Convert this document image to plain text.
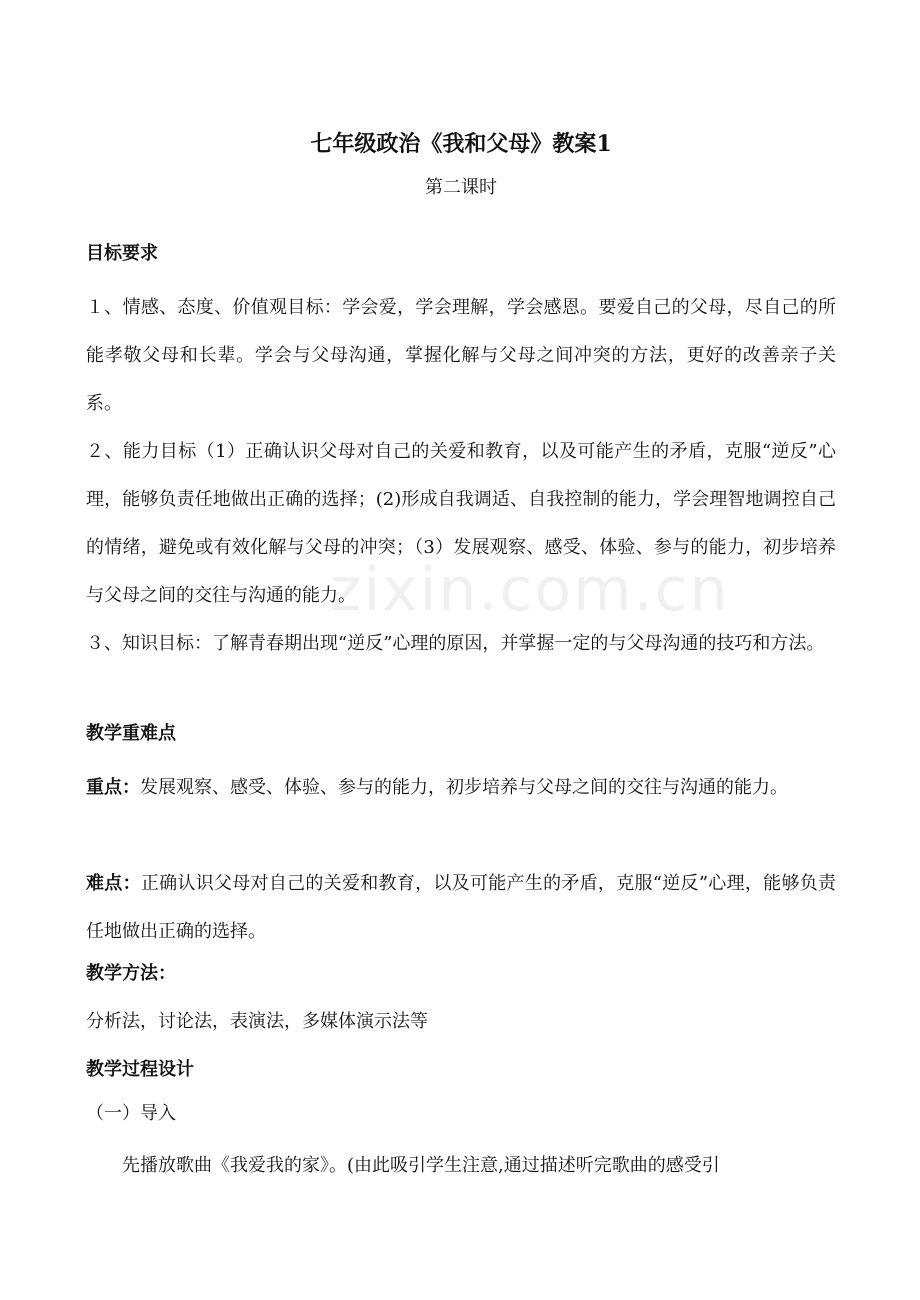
zixin.com.cn
七年级政治《我和父母》教案1
第二课时
目标要求
１、情感、态度、价值观目标：学会爱，学会理解，学会感恩。要爱自己的父母，尽自己的所能孝敬父母和长辈。学会与父母沟通，掌握化解与父母之间冲突的方法，更好的改善亲子关系。
２、能力目标（1）正确认识父母对自己的关爱和教育，以及可能产生的矛盾，克服“逆反”心理，能够负责任地做出正确的选择；(2)形成自我调适、自我控制的能力，学会理智地调控自己的情绪，避免或有效化解与父母的冲突；（3）发展观察、感受、体验、参与的能力，初步培养与父母之间的交往与沟通的能力。
３、知识目标：了解青春期出现“逆反”心理的原因，并掌握一定的与父母沟通的技巧和方法。
教学重难点
重点：发展观察、感受、体验、参与的能力，初步培养与父母之间的交往与沟通的能力。
难点：正确认识父母对自己的关爱和教育，以及可能产生的矛盾，克服“逆反”心理，能够负责任地做出正确的选择。
教学方法：
分析法，讨论法，表演法，多媒体演示法等
教学过程设计
（一）导入
先播放歌曲《我爱我的家》。(由此吸引学生注意,通过描述听完歌曲的感受引
